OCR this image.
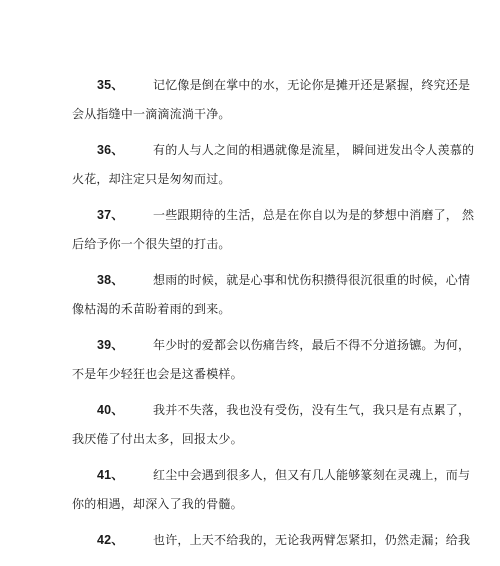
35、 记忆像是倒在掌中的水，无论你是摊开还是紧握，终究还是
会从指缝中一滴滴流淌干净。
36、 有的人与人之间的相遇就像是流星， 瞬间迸发出令人羡慕的
火花，却注定只是匆匆而过。
37、 一些跟期待的生活，总是在你自以为是的梦想中消磨了， 然
后给予你一个很失望的打击。
38、 想雨的时候，就是心事和忧伤积攒得很沉很重的时候，心情
像枯渴的禾苗盼着雨的到来。
39、 年少时的爱都会以伤痛告终，最后不得不分道扬镳。为何，
不是年少轻狂也会是这番模样。
40、 我并不失落，我也没有受伤，没有生气，我只是有点累了，
我厌倦了付出太多，回报太少。
41、 红尘中会遇到很多人，但又有几人能够篆刻在灵魂上，而与
你的相遇，却深入了我的骨髓。
42、 也许，上天不给我的，无论我两臂怎紧扣，仍然走漏；给我
